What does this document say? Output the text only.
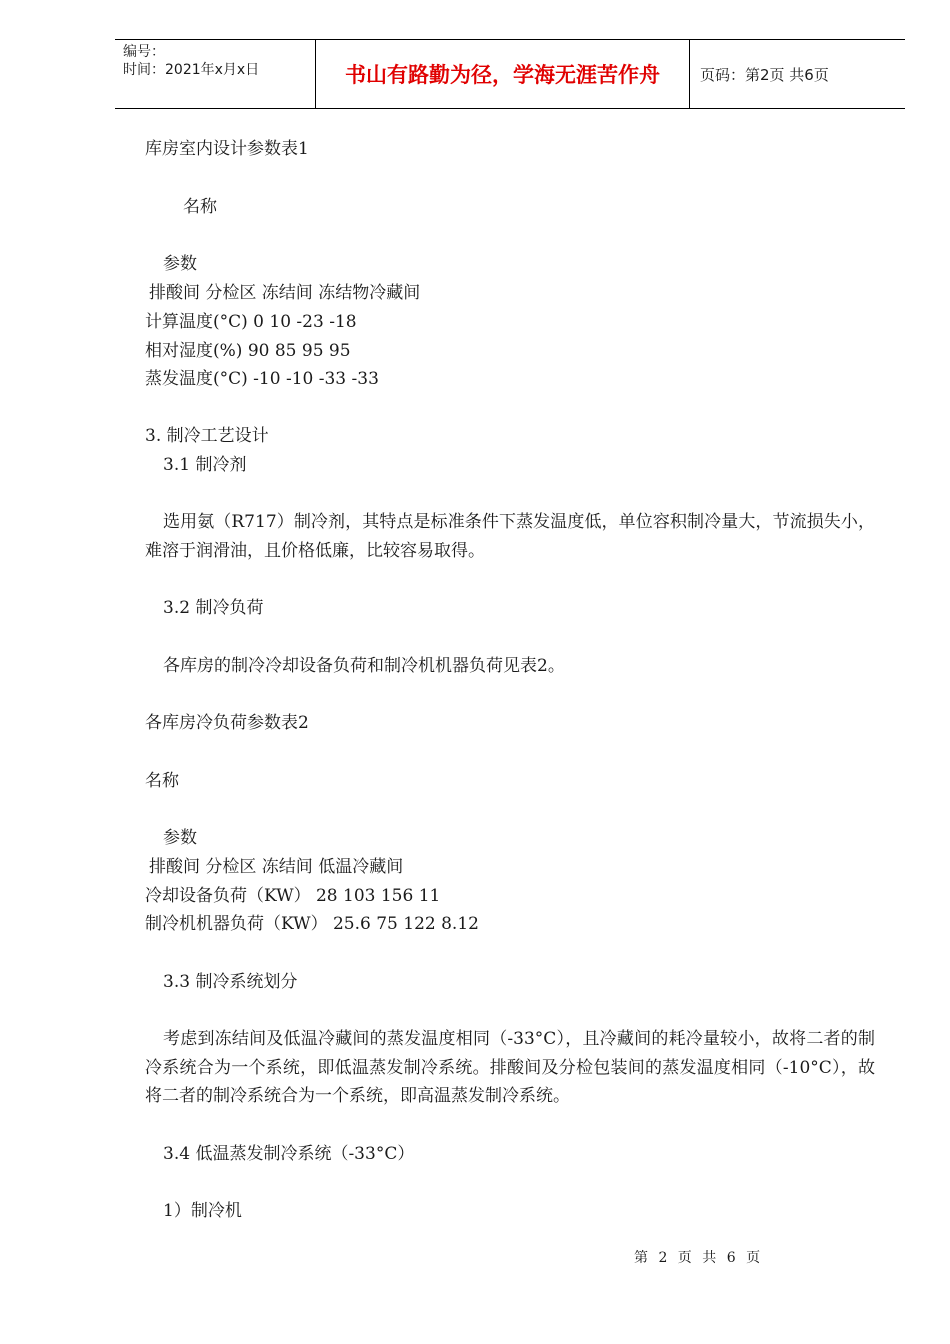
编号：
时间：2021年x月x日	书山有路勤为径，学海无涯苦作舟	页码：第2页 共6页
库房室内设计参数表1
名称
参数
排酸间 分检区 冻结间 冻结物冷藏间
计算温度(°C) 0 10 -23 -18
相对湿度(%) 90 85 95 95
蒸发温度(°C) -10 -10 -33 -33
3. 制冷工艺设计
3.1 制冷剂
选用氨（R717）制冷剂，其特点是标准条件下蒸发温度低，单位容积制冷量大，节流损失小，难溶于润滑油，且价格低廉，比较容易取得。
3.2 制冷负荷
各库房的制冷冷却设备负荷和制冷机机器负荷见表2。
各库房冷负荷参数表2
名称
参数
排酸间 分检区 冻结间 低温冷藏间
冷却设备负荷（KW） 28 103 156 11
制冷机机器负荷（KW） 25.6 75 122 8.12
3.3 制冷系统划分
考虑到冻结间及低温冷藏间的蒸发温度相同（-33°C），且冷藏间的耗冷量较小，故将二者的制冷系统合为一个系统，即低温蒸发制冷系统。排酸间及分检包装间的蒸发温度相同（-10°C），故将二者的制冷系统合为一个系统，即高温蒸发制冷系统。
3.4 低温蒸发制冷系统（-33°C）
1）制冷机
第 2 页 共 6 页
